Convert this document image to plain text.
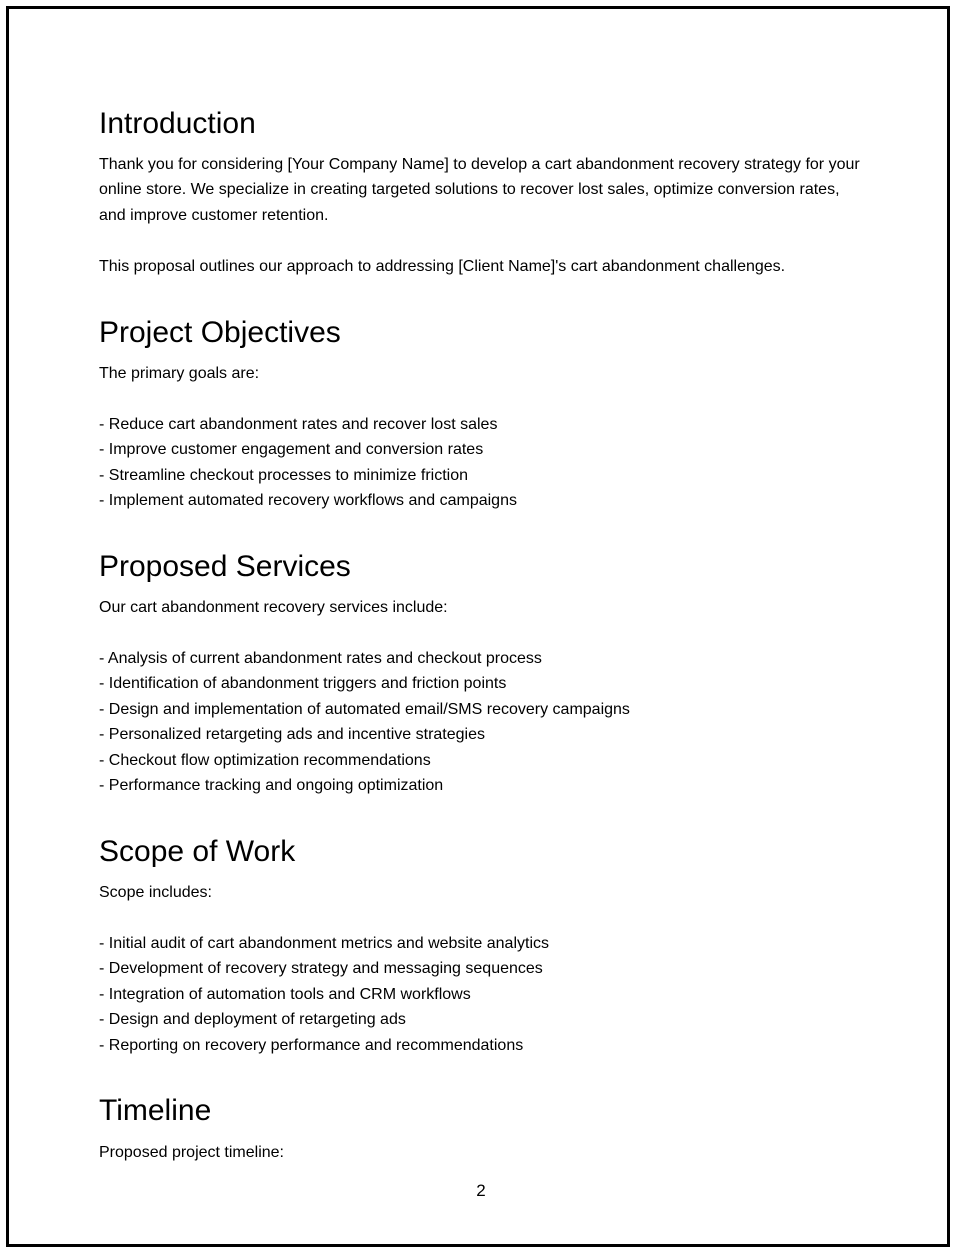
Introduction

Thank you for considering [Your Company Name] to develop a cart abandonment recovery strategy for your online store. We specialize in creating targeted solutions to recover lost sales, optimize conversion rates, and improve customer retention.

This proposal outlines our approach to addressing [Client Name]'s cart abandonment challenges.

Project Objectives

The primary goals are:

- Reduce cart abandonment rates and recover lost sales
- Improve customer engagement and conversion rates
- Streamline checkout processes to minimize friction
- Implement automated recovery workflows and campaigns
Proposed Services

Our cart abandonment recovery services include:

- Analysis of current abandonment rates and checkout process
- Identification of abandonment triggers and friction points
- Design and implementation of automated email/SMS recovery campaigns
- Personalized retargeting ads and incentive strategies
- Checkout flow optimization recommendations
- Performance tracking and ongoing optimization
Scope of Work

Scope includes:

- Initial audit of cart abandonment metrics and website analytics
- Development of recovery strategy and messaging sequences
- Integration of automation tools and CRM workflows
- Design and deployment of retargeting ads
- Reporting on recovery performance and recommendations
Timeline

Proposed project timeline:

2
